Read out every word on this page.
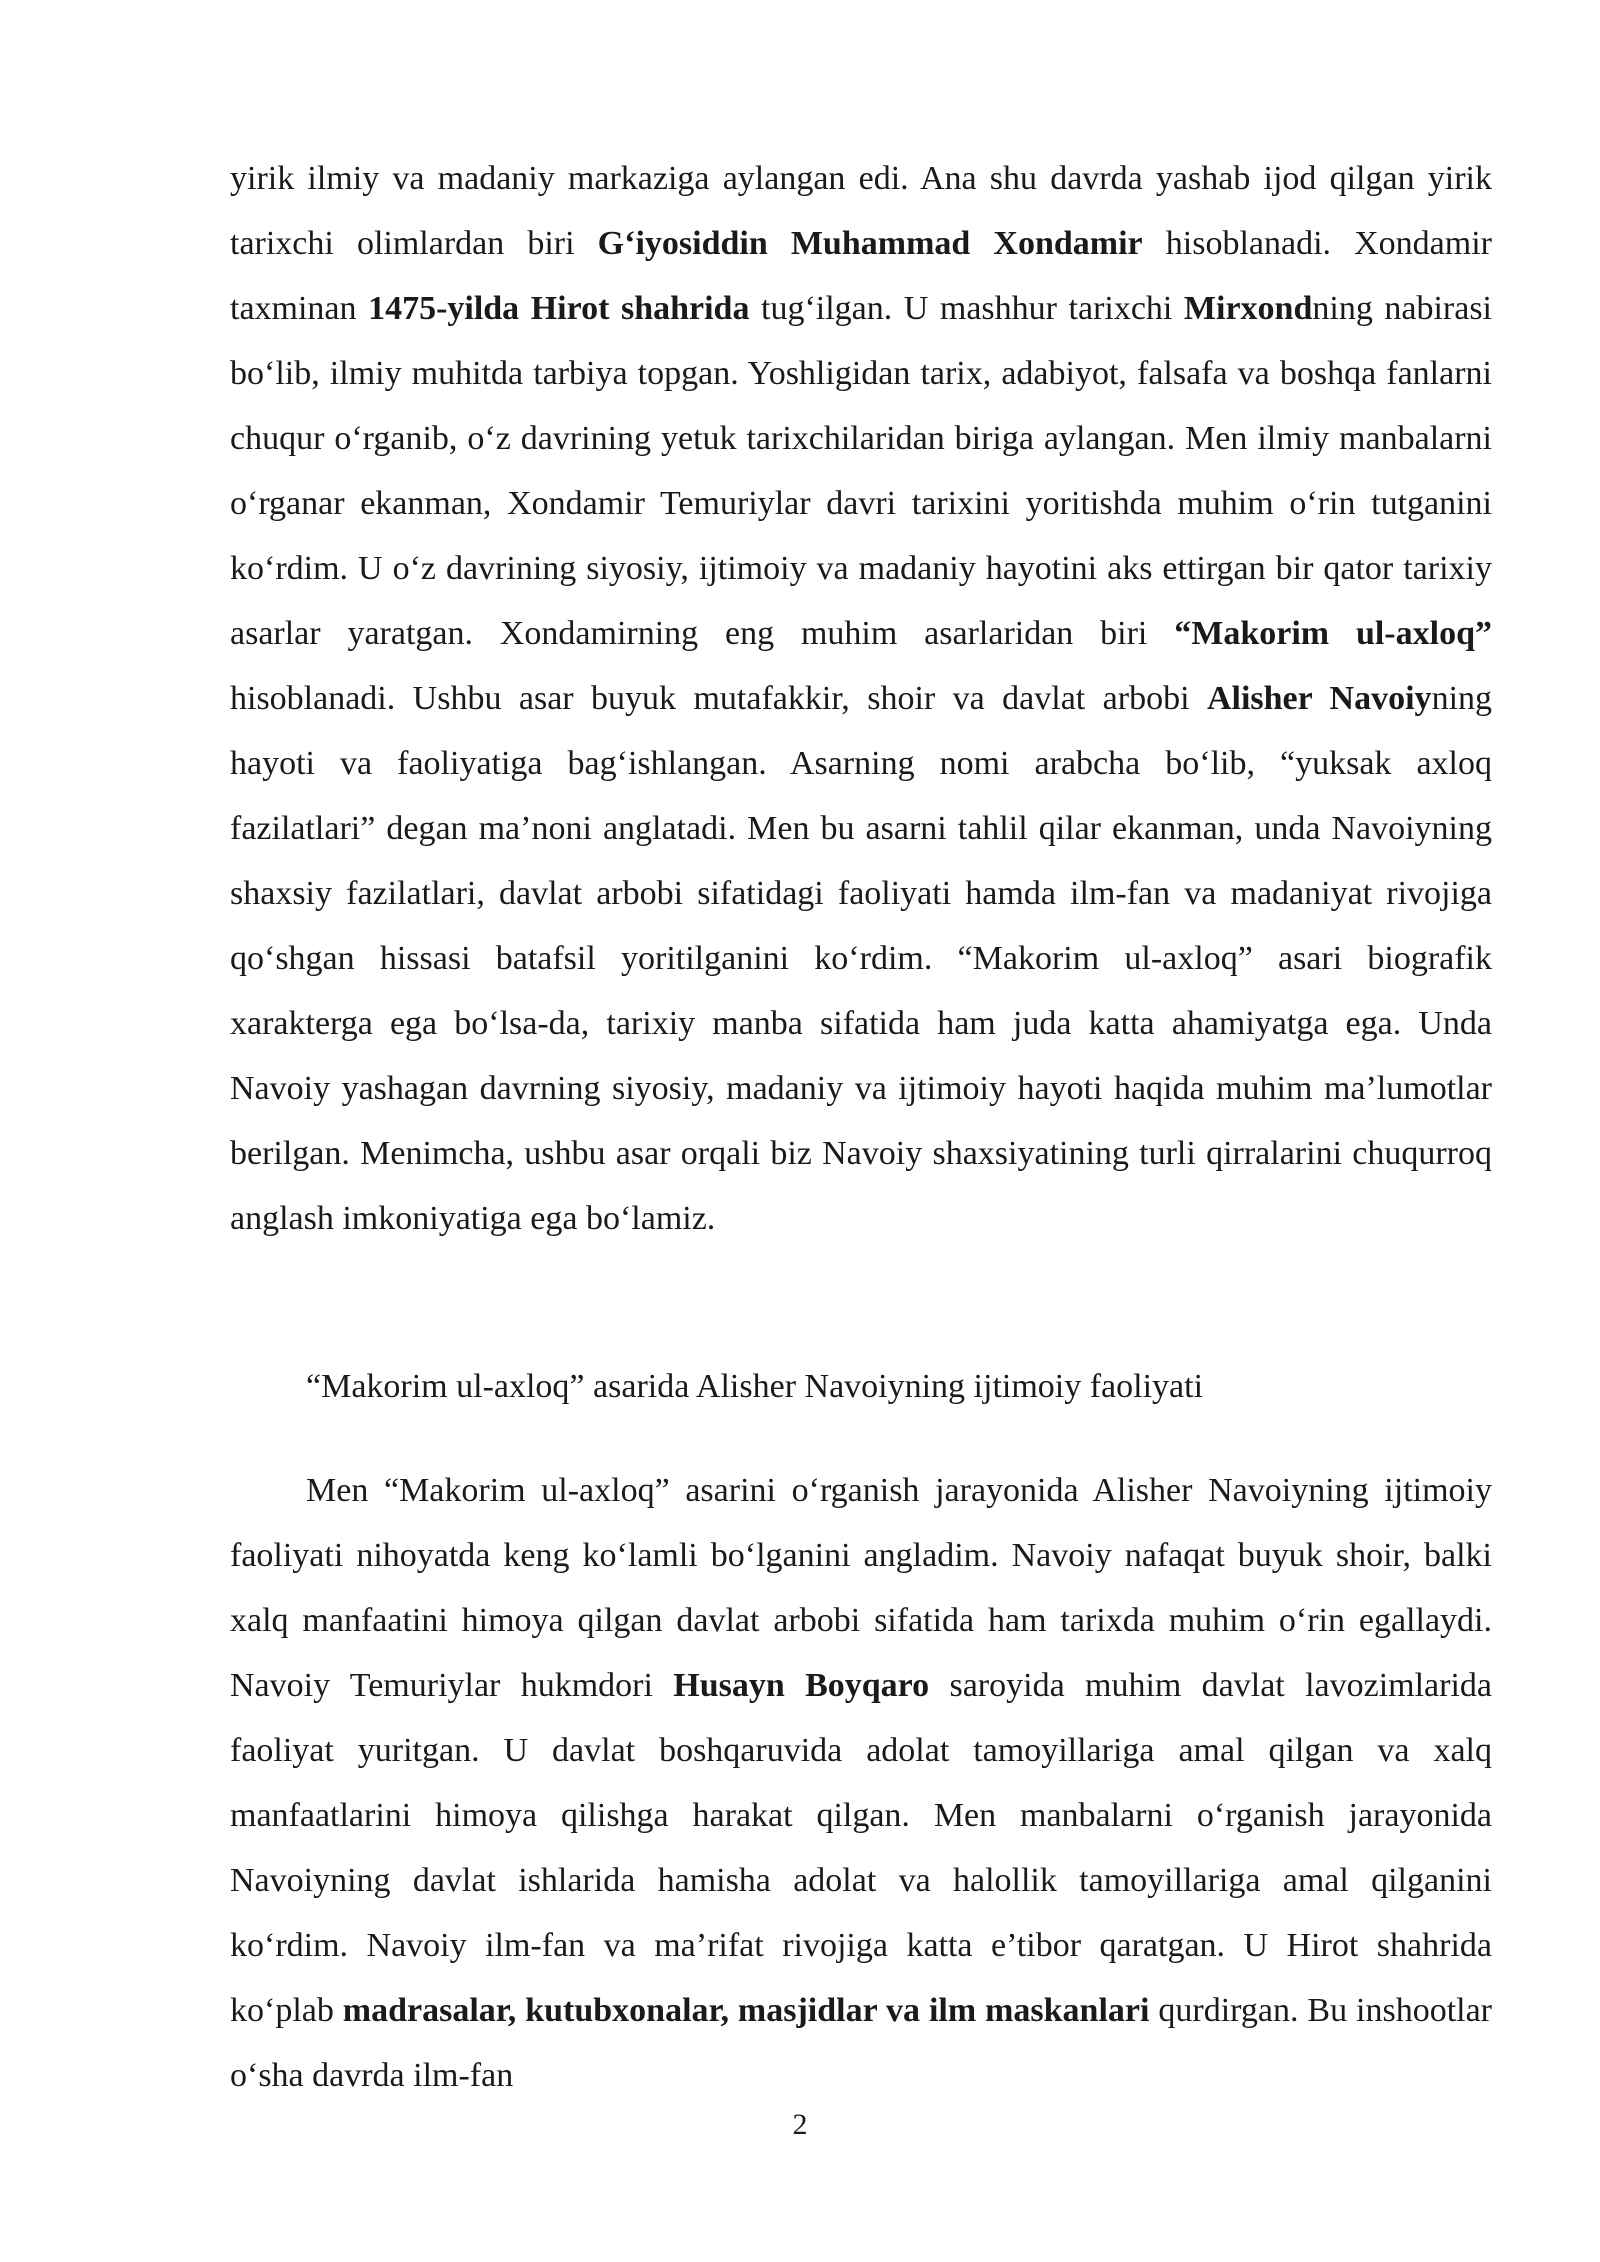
yirik ilmiy va madaniy markaziga aylangan edi. Ana shu davrda yashab ijod qilgan yirik tarixchi olimlardan biri G‘iyosiddin Muhammad Xondamir hisoblanadi. Xondamir taxminan 1475-yilda Hirot shahrida tug‘ilgan. U mashhur tarixchi Mirxondning nabirasi bo‘lib, ilmiy muhitda tarbiya topgan. Yoshligidan tarix, adabiyot, falsafa va boshqa fanlarni chuqur o‘rganib, o‘z davrining yetuk tarixchilaridan biriga aylangan. Men ilmiy manbalarni o‘rganar ekanman, Xondamir Temuriylar davri tarixini yoritishda muhim o‘rin tutganini ko‘rdim. U o‘z davrining siyosiy, ijtimoiy va madaniy hayotini aks ettirgan bir qator tarixiy asarlar yaratgan. Xondamirning eng muhim asarlaridan biri “Makorim ul-axloq” hisoblanadi. Ushbu asar buyuk mutafakkir, shoir va davlat arbobi Alisher Navoiyning hayoti va faoliyatiga bag‘ishlangan. Asarning nomi arabcha bo‘lib, “yuksak axloq fazilatlari” degan ma’noni anglatadi. Men bu asarni tahlil qilar ekanman, unda Navoiyning shaxsiy fazilatlari, davlat arbobi sifatidagi faoliyati hamda ilm-fan va madaniyat rivojiga qo‘shgan hissasi batafsil yoritilganini ko‘rdim. “Makorim ul-axloq” asari biografik xarakterga ega bo‘lsa-da, tarixiy manba sifatida ham juda katta ahamiyatga ega. Unda Navoiy yashagan davrning siyosiy, madaniy va ijtimoiy hayoti haqida muhim ma’lumotlar berilgan. Menimcha, ushbu asar orqali biz Navoiy shaxsiyatining turli qirralarini chuqurroq anglash imkoniyatiga ega bo‘lamiz.

“Makorim ul-axloq” asarida Alisher Navoiyning ijtimoiy faoliyati

Men “Makorim ul-axloq” asarini o‘rganish jarayonida Alisher Navoiyning ijtimoiy faoliyati nihoyatda keng ko‘lamli bo‘lganini angladim. Navoiy nafaqat buyuk shoir, balki xalq manfaatini himoya qilgan davlat arbobi sifatida ham tarixda muhim o‘rin egallaydi. Navoiy Temuriylar hukmdori Husayn Boyqaro saroyida muhim davlat lavozimlarida faoliyat yuritgan. U davlat boshqaruvida adolat tamoyillariga amal qilgan va xalq manfaatlarini himoya qilishga harakat qilgan. Men manbalarni o‘rganish jarayonida Navoiyning davlat ishlarida hamisha adolat va halollik tamoyillariga amal qilganini ko‘rdim. Navoiy ilm-fan va ma’rifat rivojiga katta e’tibor qaratgan. U Hirot shahrida ko‘plab madrasalar, kutubxonalar, masjidlar va ilm maskanlari qurdirgan. Bu inshootlar o‘sha davrda ilm-fan

2
